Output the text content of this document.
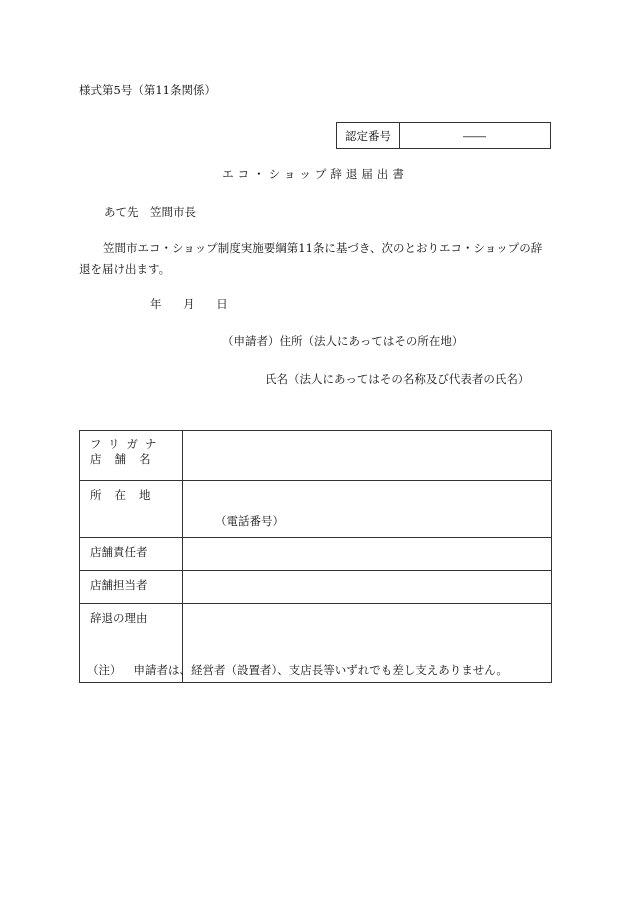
様式第5号（第11条関係）
認定番号	――
エコ・ショップ辞退届出書
あて先　笠間市長
笠間市エコ・ショップ制度実施要綱第11条に基づき、次のとおりエコ・ショップの辞退を届け出ます。
年 月 日
（申請者）住所（法人にあってはその所在地）
氏名（法人にあってはその名称及び代表者の氏名）
フリガナ
店舗名	

所在地	（電話番号）

店舗責任者	
店舗担当者	
辞退の理由	
（注） 申請者は、経営者（設置者）、支店長等いずれでも差し支えありません。
